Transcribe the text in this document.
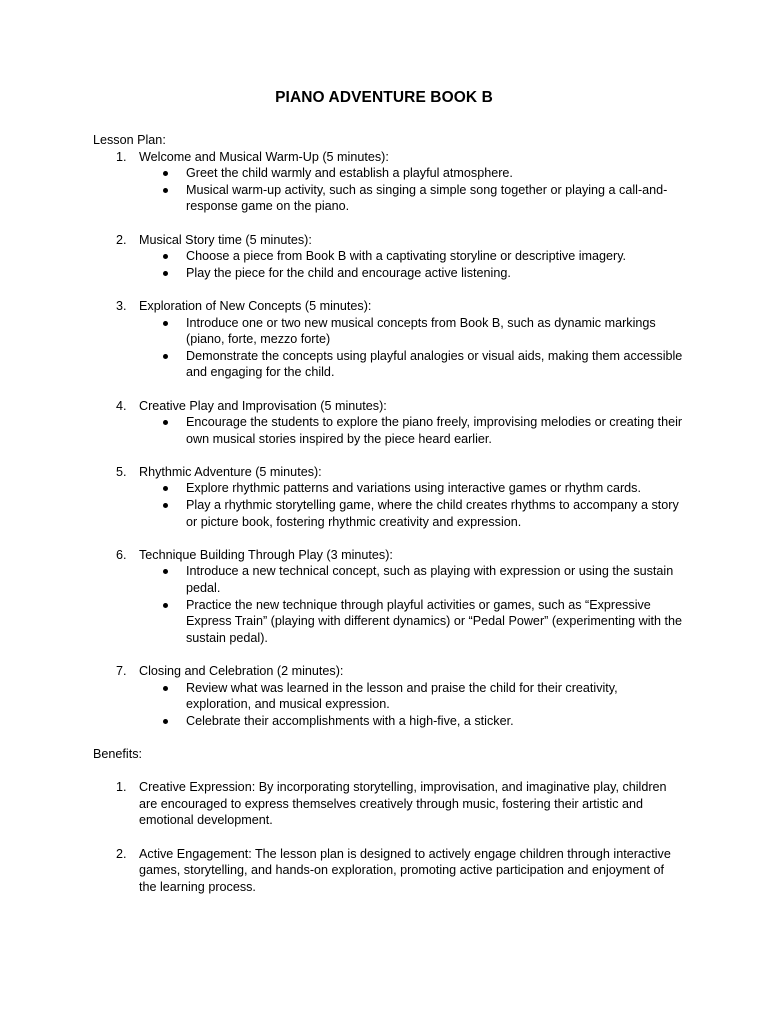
PIANO ADVENTURE BOOK B

Lesson Plan:

1. Welcome and Musical Warm-Up (5 minutes):
Greet the child warmly and establish a playful atmosphere.
Musical warm-up activity, such as singing a simple song together or playing a call-and-response game on the piano.
2. Musical Story time (5 minutes):
Choose a piece from Book B with a captivating storyline or descriptive imagery.
Play the piece for the child and encourage active listening.
3. Exploration of New Concepts (5 minutes):
Introduce one or two new musical concepts from Book B, such as dynamic markings (piano, forte, mezzo forte)
Demonstrate the concepts using playful analogies or visual aids, making them accessible and engaging for the child.
4. Creative Play and Improvisation (5 minutes):
Encourage the students to explore the piano freely, improvising melodies or creating their own musical stories inspired by the piece heard earlier.
5. Rhythmic Adventure (5 minutes):
Explore rhythmic patterns and variations using interactive games or rhythm cards.
Play a rhythmic storytelling game, where the child creates rhythms to accompany a story or picture book, fostering rhythmic creativity and expression.
6. Technique Building Through Play (3 minutes):
Introduce a new technical concept, such as playing with expression or using the sustain pedal.
Practice the new technique through playful activities or games, such as “Expressive Express Train” (playing with different dynamics) or “Pedal Power” (experimenting with the sustain pedal).
7. Closing and Celebration (2 minutes):
Review what was learned in the lesson and praise the child for their creativity, exploration, and musical expression.
Celebrate their accomplishments with a high-five, a sticker.

Benefits:

1. Creative Expression: By incorporating storytelling, improvisation, and imaginative play, children are encouraged to express themselves creatively through music, fostering their artistic and emotional development.
2. Active Engagement: The lesson plan is designed to actively engage children through interactive games, storytelling, and hands-on exploration, promoting active participation and enjoyment of the learning process.
